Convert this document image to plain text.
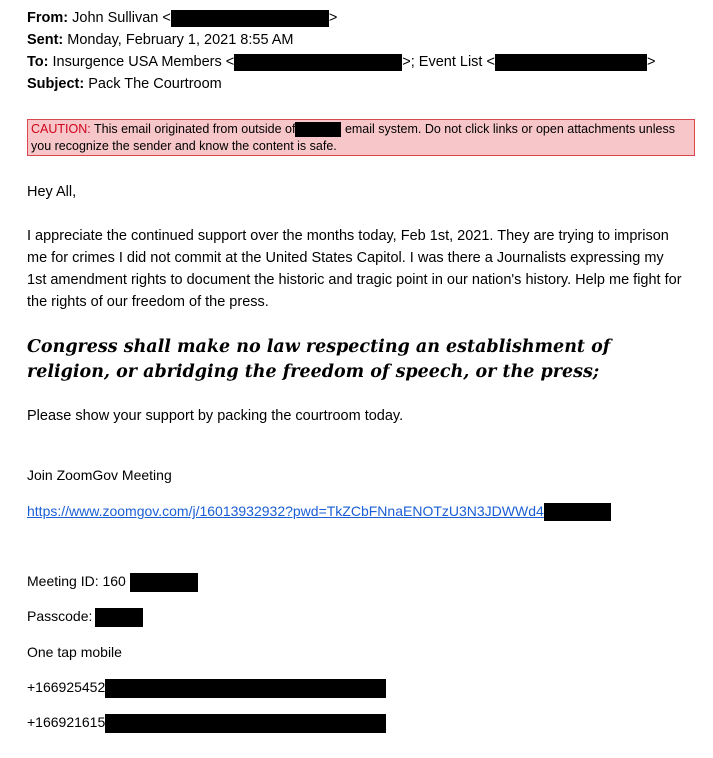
From: John Sullivan <	>
Sent: Monday, February 1, 2021 8:55 AM
To: Insurgence USA Members <	>; Event List <	>
Subject: Pack The Courtroom
CAUTION: This email originated from outside of	email system. Do not click links or open attachments unless you recognize the sender and know the content is safe.
Hey All,
I appreciate the continued support over the months today, Feb 1st, 2021. They are trying to imprison me for crimes I did not commit at the United States Capitol. I was there a Journalists expressing my 1st amendment rights to document the historic and tragic point in our nation's history. Help me fight for the rights of our freedom of the press.
Congress shall make no law respecting an establishment of religion, or abridging the freedom of speech, or the press;
Please show your support by packing the courtroom today.
Join ZoomGov Meeting
https://www.zoomgov.com/j/16013932932?pwd=TkZCbFNnaENOTzU3N3JDWWd4
Meeting ID: 160
Passcode:
One tap mobile
+166925452
+166921615
